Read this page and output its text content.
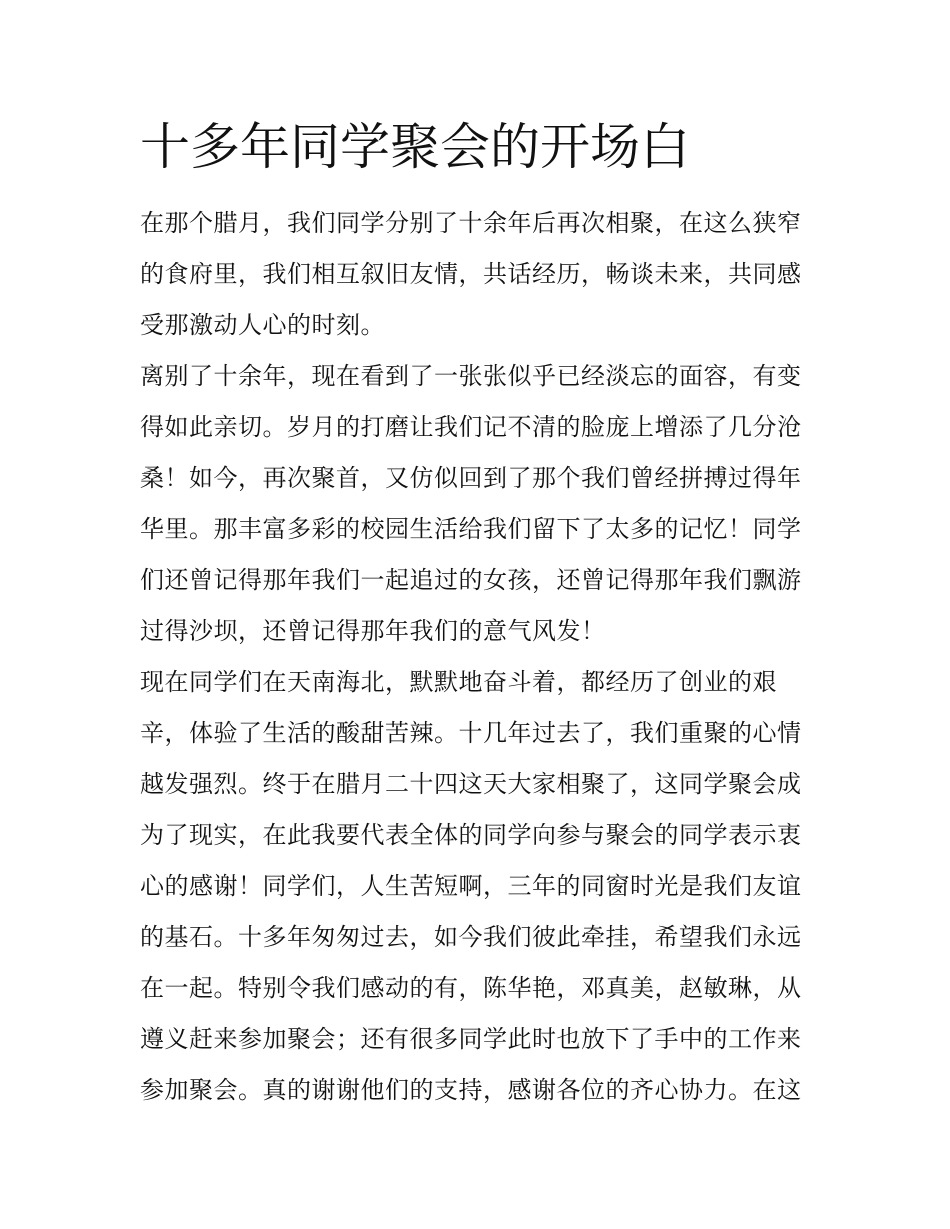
十多年同学聚会的开场白
在那个腊月，我们同学分别了十余年后再次相聚，在这么狭窄
的食府里，我们相互叙旧友情，共话经历，畅谈未来，共同感
受那激动人心的时刻。
离别了十余年，现在看到了一张张似乎已经淡忘的面容，有变
得如此亲切。岁月的打磨让我们记不清的脸庞上增添了几分沧
桑！如今，再次聚首，又仿似回到了那个我们曾经拼搏过得年
华里。那丰富多彩的校园生活给我们留下了太多的记忆！同学
们还曾记得那年我们一起追过的女孩，还曾记得那年我们飘游
过得沙坝，还曾记得那年我们的意气风发！
现在同学们在天南海北，默默地奋斗着，都经历了创业的艰
辛，体验了生活的酸甜苦辣。十几年过去了，我们重聚的心情
越发强烈。终于在腊月二十四这天大家相聚了，这同学聚会成
为了现实，在此我要代表全体的同学向参与聚会的同学表示衷
心的感谢！同学们，人生苦短啊，三年的同窗时光是我们友谊
的基石。十多年匆匆过去，如今我们彼此牵挂，希望我们永远
在一起。特别令我们感动的有，陈华艳，邓真美，赵敏琳，从
遵义赶来参加聚会；还有很多同学此时也放下了手中的工作来
参加聚会。真的谢谢他们的支持，感谢各位的齐心协力。在这
